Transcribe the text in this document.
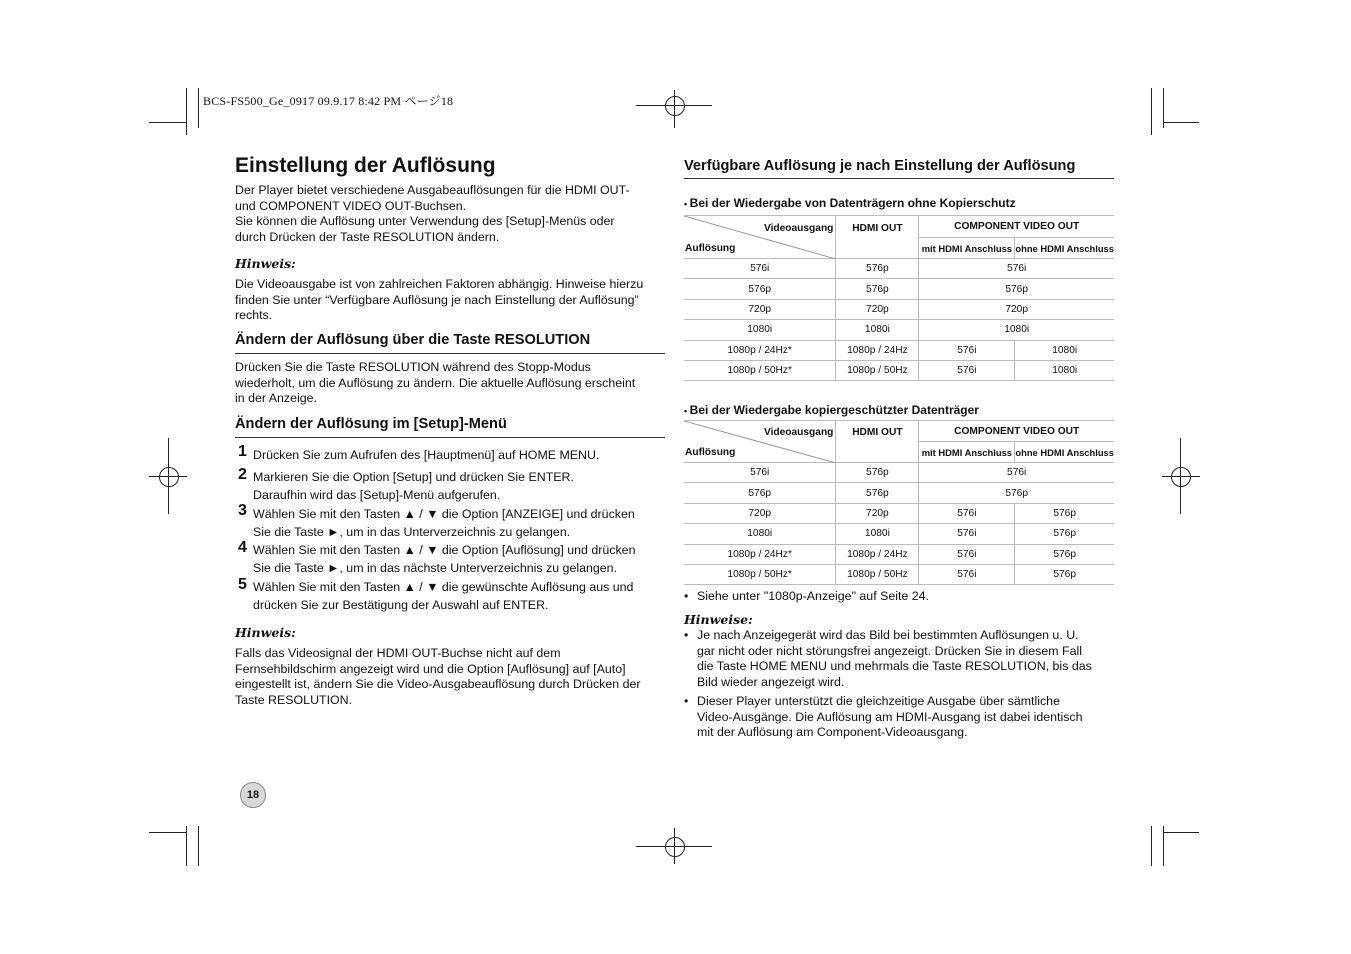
BCS-FS500_Ge_0917 09.9.17 8:42 PM ページ18
Einstellung der Auflösung
Der Player bietet verschiedene Ausgabeauflösungen für die HDMI OUT-
und COMPONENT VIDEO OUT-Buchsen.
Sie können die Auflösung unter Verwendung des [Setup]-Menüs oder
durch Drücken der Taste RESOLUTION ändern.
Hinweis:
Die Videoausgabe ist von zahlreichen Faktoren abhängig. Hinweise hierzu
finden Sie unter “Verfügbare Auflösung je nach Einstellung der Auflösung”
rechts.
Ändern der Auflösung über die Taste RESOLUTION
Drücken Sie die Taste RESOLUTION während des Stopp-Modus
wiederholt, um die Auflösung zu ändern. Die aktuelle Auflösung erscheint
in der Anzeige.
Ändern der Auflösung im [Setup]-Menü
1 Drücken Sie zum Aufrufen des [Hauptmenü] auf HOME MENU.
2 Markieren Sie die Option [Setup] und drücken Sie ENTER.
Daraufhin wird das [Setup]-Menü aufgerufen.
3 Wählen Sie mit den Tasten ▲ / ▼ die Option [ANZEIGE] und drücken
Sie die Taste ►, um in das Unterverzeichnis zu gelangen.
4 Wählen Sie mit den Tasten ▲ / ▼ die Option [Auflösung] und drücken
Sie die Taste ►, um in das nächste Unterverzeichnis zu gelangen.
5 Wählen Sie mit den Tasten ▲ / ▼ die gewünschte Auflösung aus und
drücken Sie zur Bestätigung der Auswahl auf ENTER.
Hinweis:
Falls das Videosignal der HDMI OUT-Buchse nicht auf dem
Fernsehbildschirm angezeigt wird und die Option [Auflösung] auf [Auto]
eingestellt ist, ändern Sie die Video-Ausgabeauflösung durch Drücken der
Taste RESOLUTION.
18
Verfügbare Auflösung je nach Einstellung der Auflösung
• Bei der Wiedergabe von Datenträgern ohne Kopierschutz
Videoausgang
Auflösung	HDMI OUT	COMPONENT VIDEO OUT	
		mit HDMI Anschluss	ohne HDMI Anschluss
576i	576p	576i	
576p	576p	576p	
720p	720p	720p	
1080i	1080i	1080i	
1080p / 24Hz*	1080p / 24Hz	576i	1080i
1080p / 50Hz*	1080p / 50Hz	576i	1080i
• Bei der Wiedergabe kopiergeschützter Datenträger
Videoausgang
Auflösung	HDMI OUT	COMPONENT VIDEO OUT	
		mit HDMI Anschluss	ohne HDMI Anschluss
576i	576p	576i	
576p	576p	576p	
720p	720p	576i	576p
1080i	1080i	576i	576p
1080p / 24Hz*	1080p / 24Hz	576i	576p
1080p / 50Hz*	1080p / 50Hz	576i	576p
• Siehe unter "1080p-Anzeige" auf Seite 24.
Hinweise:
• Je nach Anzeigegerät wird das Bild bei bestimmten Auflösungen u. U.
gar nicht oder nicht störungsfrei angezeigt. Drücken Sie in diesem Fall
die Taste HOME MENU und mehrmals die Taste RESOLUTION, bis das
Bild wieder angezeigt wird.
• Dieser Player unterstützt die gleichzeitige Ausgabe über sämtliche
Video-Ausgänge. Die Auflösung am HDMI-Ausgang ist dabei identisch
mit der Auflösung am Component-Videoausgang.
